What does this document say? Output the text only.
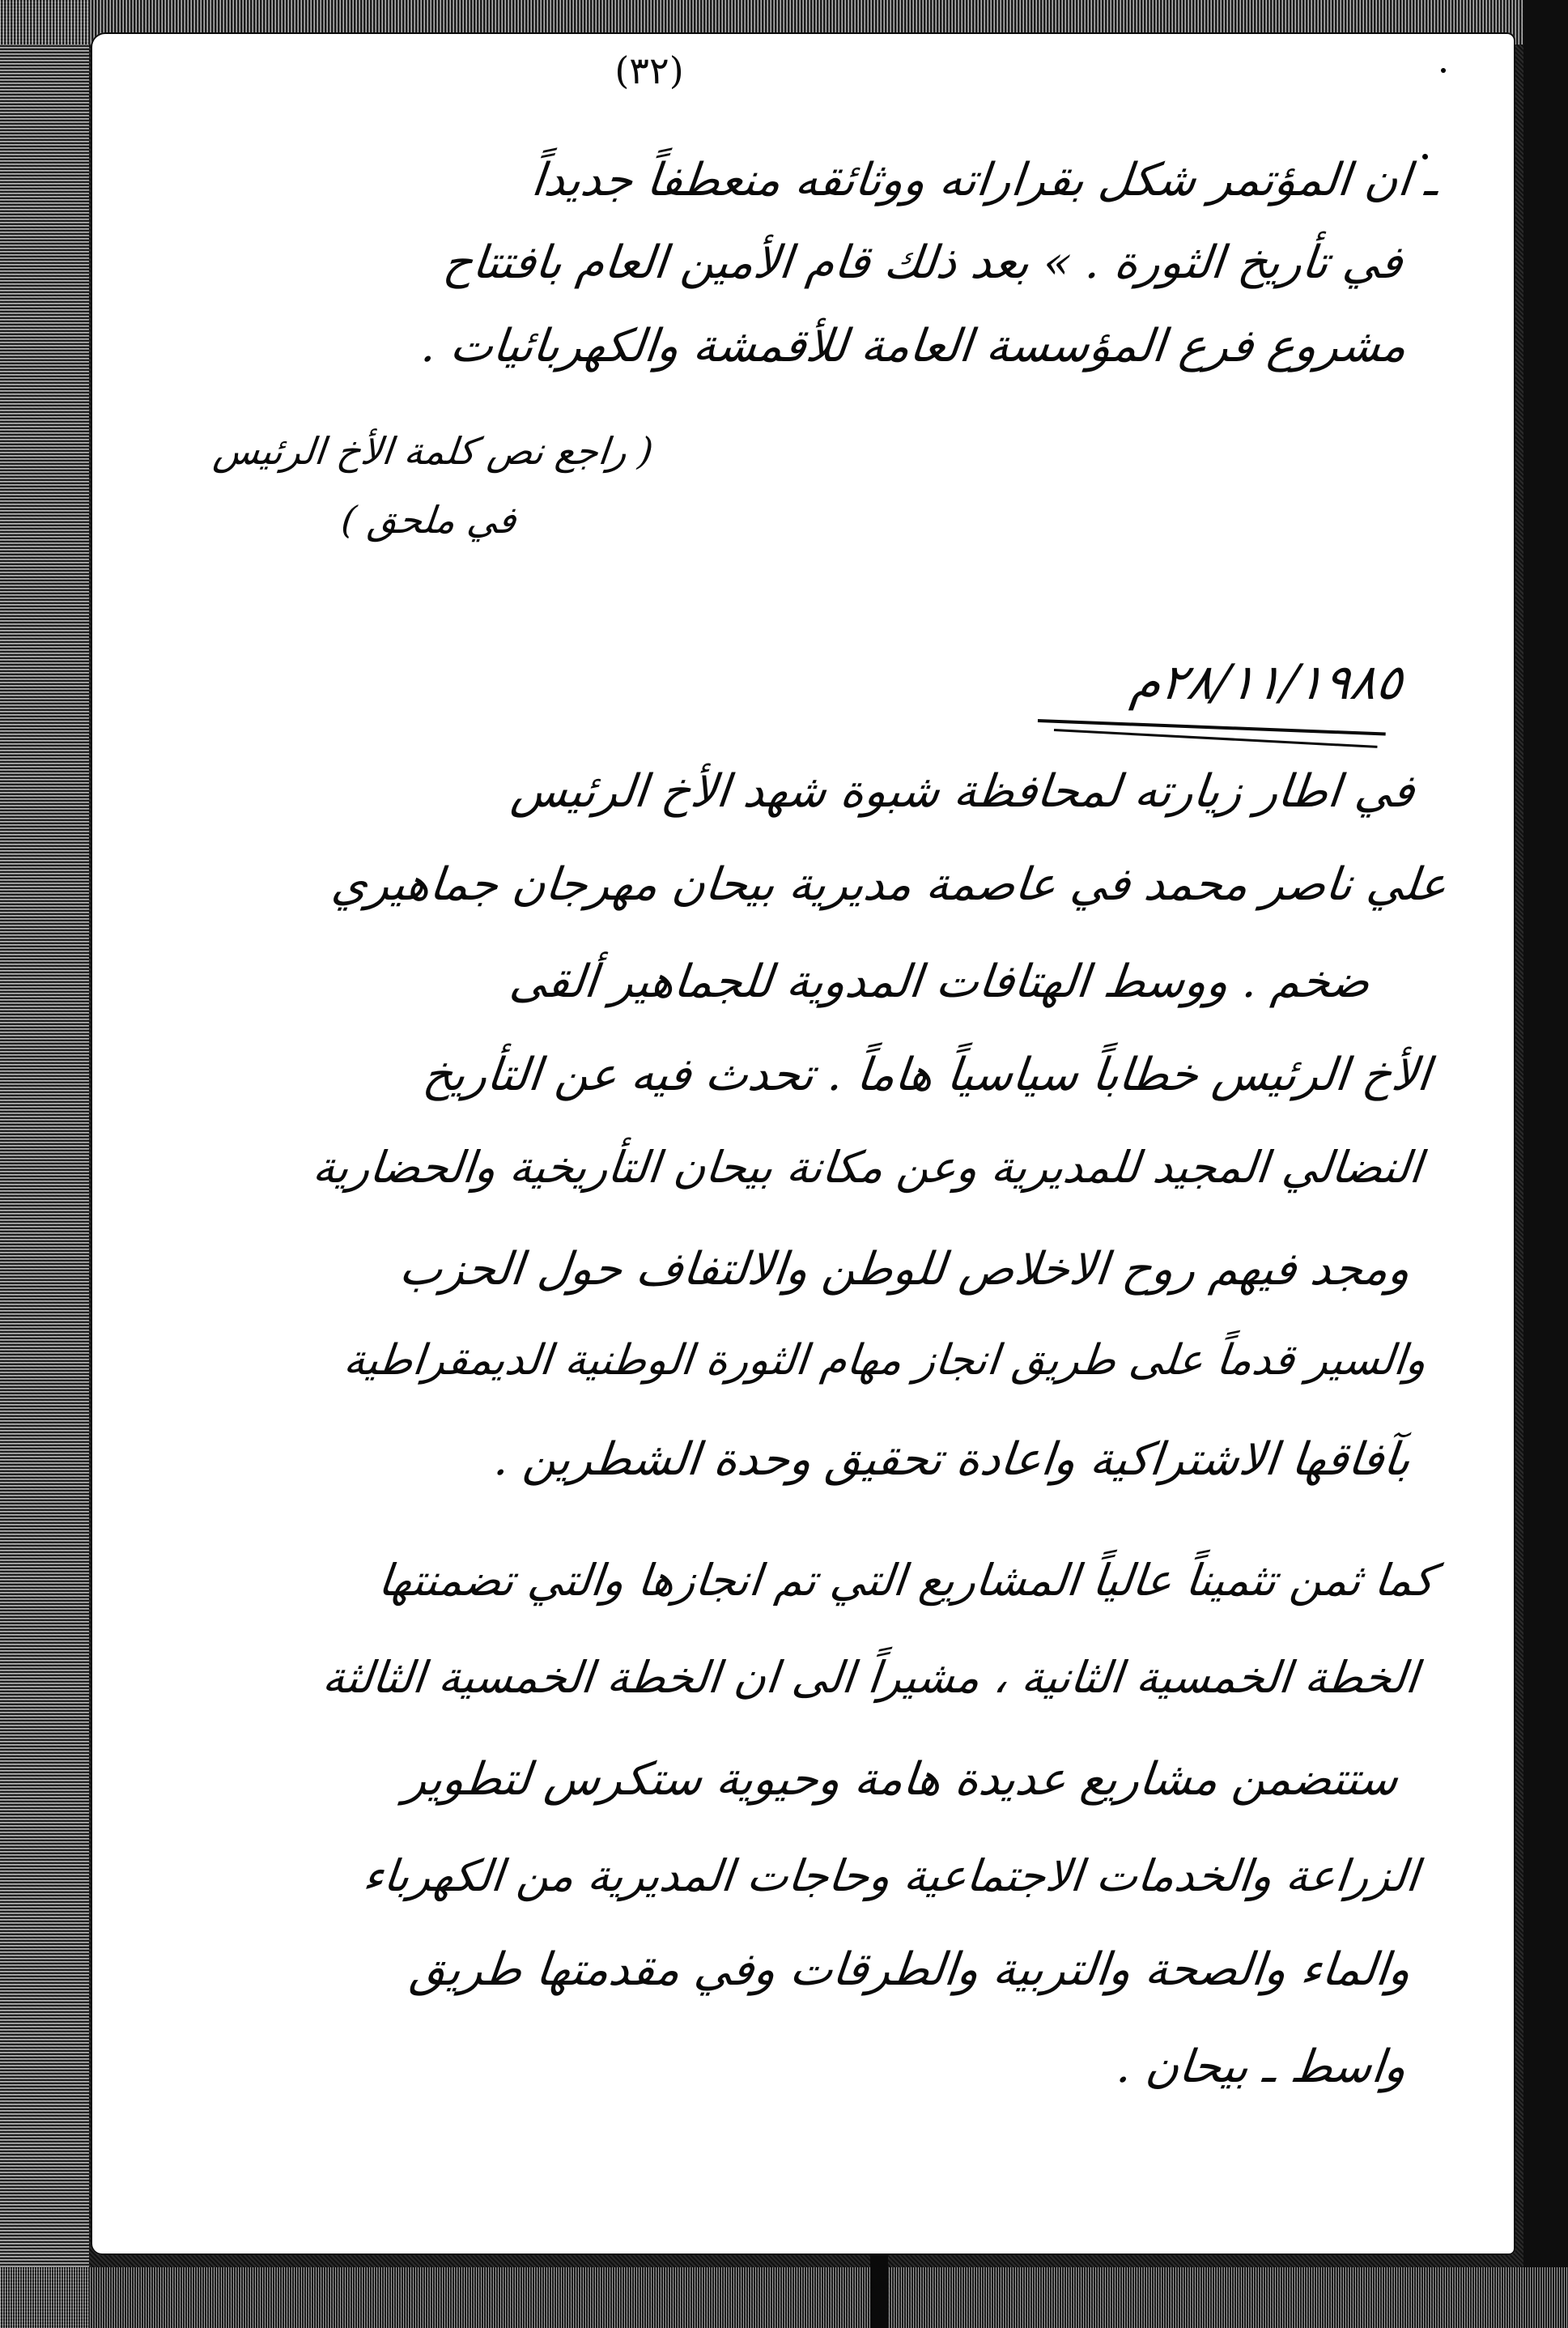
(٣٢)
ـ ان المؤتمر شكل بقراراته ووثائقه منعطفاً جديداً
في تأريخ الثورة . » بعد ذلك قام الأمين العام بافتتاح
مشروع فرع المؤسسة العامة للأقمشة والكهربائيات .
( راجع نص كلمة الأخ الرئيس
في ملحق )
٢٨/١١/١٩٨٥م
في اطار زيارته لمحافظة شبوة شهد الأخ الرئيس
علي ناصر محمد في عاصمة مديرية بيحان مهرجان جماهيري
ضخم . ووسط الهتافات المدوية للجماهير ألقى
الأخ الرئيس خطاباً سياسياً هاماً . تحدث فيه عن التأريخ
النضالي المجيد للمديرية وعن مكانة بيحان التأريخية والحضارية
ومجد فيهم روح الاخلاص للوطن والالتفاف حول الحزب
والسير قدماً على طريق انجاز مهام الثورة الوطنية الديمقراطية
بآفاقها الاشتراكية واعادة تحقيق وحدة الشطرين .
كما ثمن تثميناً عالياً المشاريع التي تم انجازها والتي تضمنتها
الخطة الخمسية الثانية ، مشيراً الى ان الخطة الخمسية الثالثة
ستتضمن مشاريع عديدة هامة وحيوية ستكرس لتطوير
الزراعة والخدمات الاجتماعية وحاجات المديرية من الكهرباء
والماء والصحة والتربية والطرقات وفي مقدمتها طريق
واسط ـ بيحان .
